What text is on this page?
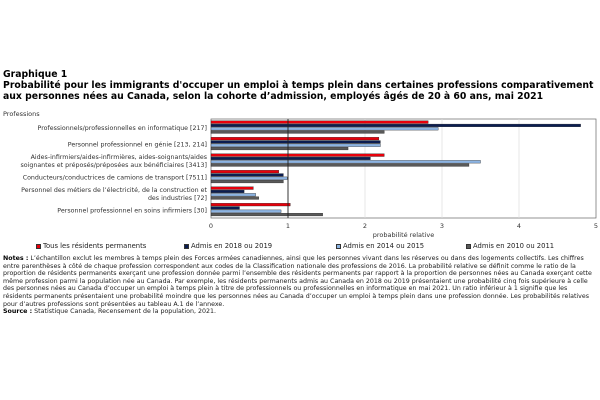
Graphique 1
Probabilité pour les immigrants d'occuper un emploi à temps plein dans certaines professions comparativement aux personnes nées au Canada, selon la cohorte d’admission, employés âgés de 20 à 60 ans, mai 2021
Professions
0	1	2	3	4	5
probabilité relative
Professionnels/professionnelles en informatique [217]
Personnel professionnel en génie [213, 214]
Aides-infirmiers/aides-infirmières, aides-soignants/aides
soignantes et préposés/préposées aux bénéficiaires [3413]
Conducteurs/conductrices de camions de transport [7511]
Personnel des métiers de l’électricité, de la construction et
des industries [72]
Personnel professionnel en soins infirmiers [30]
Tous les résidents permanents	Admis en 2018 ou 2019	Admis en 2014 ou 2015	Admis en 2010 ou 2011
Notes : L’échantillon exclut les membres à temps plein des Forces armées canadiennes, ainsi que les personnes vivant dans les réserves ou dans des logements collectifs. Les chiffres entre parenthèses à côté de chaque profession correspondent aux codes de la Classification nationale des professions de 2016. La probabilité relative se définit comme le ratio de la proportion de résidents permanents exerçant une profession donnée parmi l’ensemble des résidents permanents par rapport à la proportion de personnes nées au Canada exerçant cette même profession parmi la population née au Canada. Par exemple, les résidents permanents admis au Canada en 2018 ou 2019 présentaient une probabilité cinq fois supérieure à celle des personnes nées au Canada d’occuper un emploi à temps plein à titre de professionnels ou professionnelles en informatique en mai 2021. Un ratio inférieur à 1 signifie que les résidents permanents présentaient une probabilité moindre que les personnes nées au Canada d’occuper un emploi à temps plein dans une profession donnée. Les probabilités relatives pour d’autres professions sont présentées au tableau A.1 de l’annexe.
Source : Statistique Canada, Recensement de la population, 2021.
